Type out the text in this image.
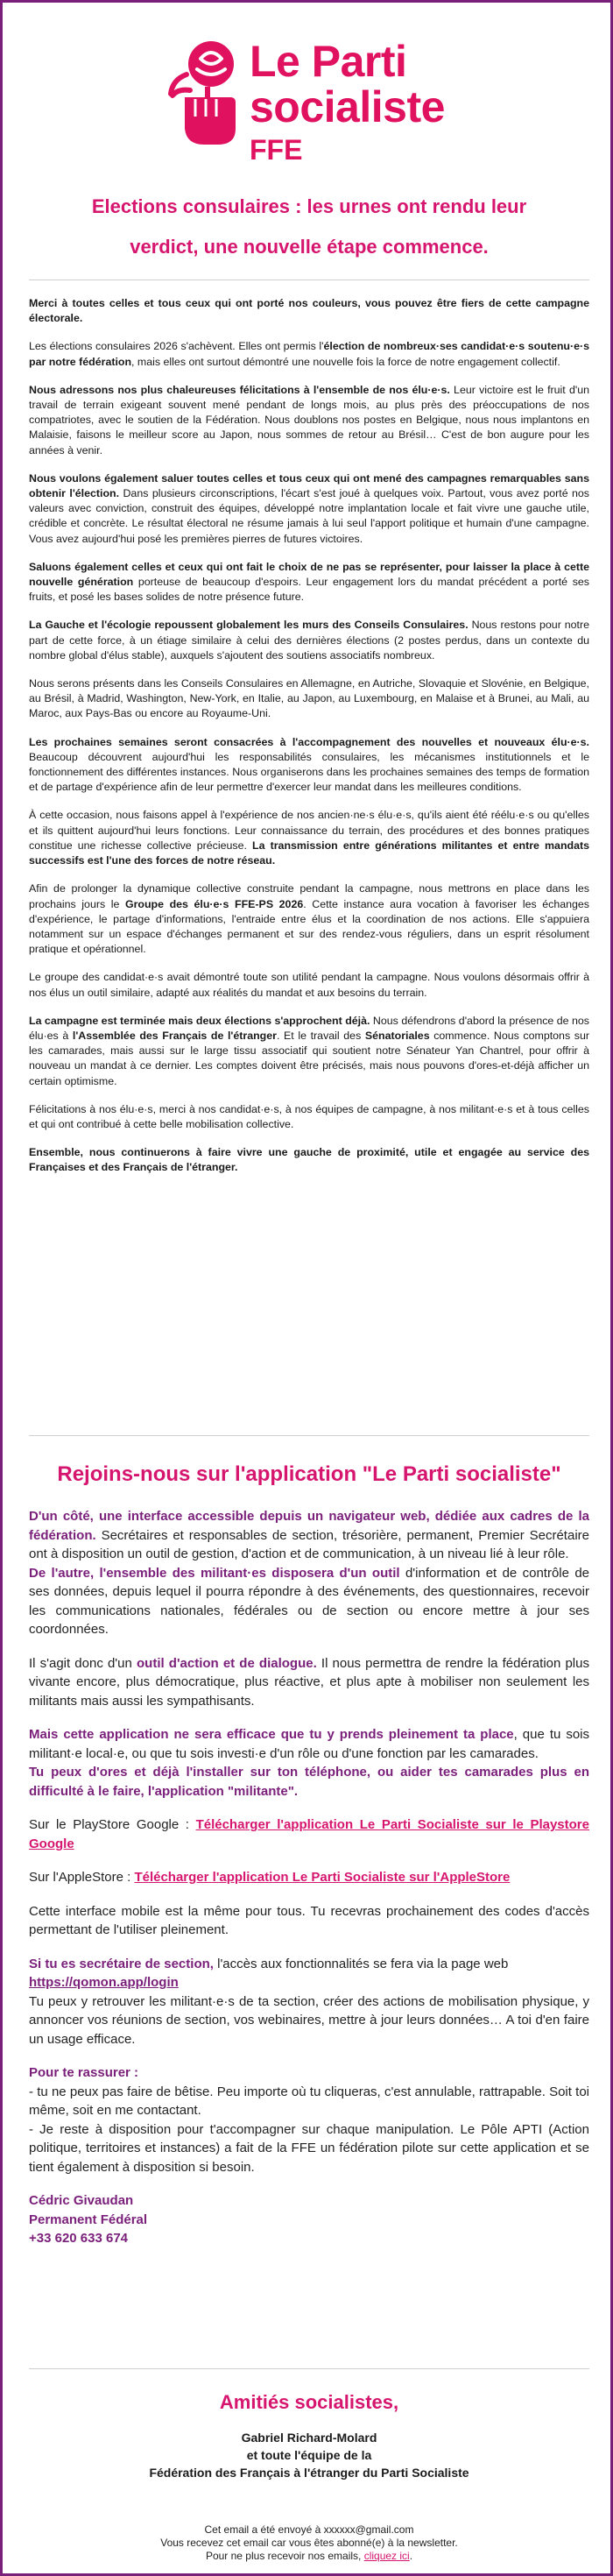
Le Parti
socialiste
FFE
Elections consulaires : les urnes ont rendu leur
verdict, une nouvelle étape commence.

Merci à toutes celles et tous ceux qui ont porté nos couleurs, vous pouvez être fiers de cette campagne électorale.

Les élections consulaires 2026 s'achèvent. Elles ont permis l'élection de nombreux·ses candidat·e·s soutenu·e·s par notre fédération, mais elles ont surtout démontré une nouvelle fois la force de notre engagement collectif.

Nous adressons nos plus chaleureuses félicitations à l'ensemble de nos élu·e·s. Leur victoire est le fruit d'un travail de terrain exigeant souvent mené pendant de longs mois, au plus près des préoccupations de nos compatriotes, avec le soutien de la Fédération. Nous doublons nos postes en Belgique, nous nous implantons en Malaisie, faisons le meilleur score au Japon, nous sommes de retour au Brésil… C'est de bon augure pour les années à venir.

Nous voulons également saluer toutes celles et tous ceux qui ont mené des campagnes remarquables sans obtenir l'élection. Dans plusieurs circonscriptions, l'écart s'est joué à quelques voix. Partout, vous avez porté nos valeurs avec conviction, construit des équipes, développé notre implantation locale et fait vivre une gauche utile, crédible et concrète. Le résultat électoral ne résume jamais à lui seul l'apport politique et humain d'une campagne. Vous avez aujourd'hui posé les premières pierres de futures victoires.

Saluons également celles et ceux qui ont fait le choix de ne pas se représenter, pour laisser la place à cette nouvelle génération porteuse de beaucoup d'espoirs. Leur engagement lors du mandat précédent a porté ses fruits, et posé les bases solides de notre présence future.

La Gauche et l'écologie repoussent globalement les murs des Conseils Consulaires. Nous restons pour notre part de cette force, à un étiage similaire à celui des dernières élections (2 postes perdus, dans un contexte du nombre global d'élus stable), auxquels s'ajoutent des soutiens associatifs nombreux.

Nous serons présents dans les Conseils Consulaires en Allemagne, en Autriche, Slovaquie et Slovénie, en Belgique, au Brésil, à Madrid, Washington, New-York, en Italie, au Japon, au Luxembourg, en Malaise et à Brunei, au Mali, au Maroc, aux Pays-Bas ou encore au Royaume-Uni.

Les prochaines semaines seront consacrées à l'accompagnement des nouvelles et nouveaux élu·e·s. Beaucoup découvrent aujourd'hui les responsabilités consulaires, les mécanismes institutionnels et le fonctionnement des différentes instances. Nous organiserons dans les prochaines semaines des temps de formation et de partage d'expérience afin de leur permettre d'exercer leur mandat dans les meilleures conditions.

À cette occasion, nous faisons appel à l'expérience de nos ancien·ne·s élu·e·s, qu'ils aient été réélu·e·s ou qu'elles et ils quittent aujourd'hui leurs fonctions. Leur connaissance du terrain, des procédures et des bonnes pratiques constitue une richesse collective précieuse. La transmission entre générations militantes et entre mandats successifs est l'une des forces de notre réseau.

Afin de prolonger la dynamique collective construite pendant la campagne, nous mettrons en place dans les prochains jours le Groupe des élu·e·s FFE-PS 2026. Cette instance aura vocation à favoriser les échanges d'expérience, le partage d'informations, l'entraide entre élus et la coordination de nos actions. Elle s'appuiera notamment sur un espace d'échanges permanent et sur des rendez-vous réguliers, dans un esprit résolument pratique et opérationnel.

Le groupe des candidat·e·s avait démontré toute son utilité pendant la campagne. Nous voulons désormais offrir à nos élus un outil similaire, adapté aux réalités du mandat et aux besoins du terrain.

La campagne est terminée mais deux élections s'approchent déjà. Nous défendrons d'abord la présence de nos élu·es à l'Assemblée des Français de l'étranger. Et le travail des Sénatoriales commence. Nous comptons sur les camarades, mais aussi sur le large tissu associatif qui soutient notre Sénateur Yan Chantrel, pour offrir à nouveau un mandat à ce dernier. Les comptes doivent être précisés, mais nous pouvons d'ores-et-déjà afficher un certain optimisme.

Félicitations à nos élu·e·s, merci à nos candidat·e·s, à nos équipes de campagne, à nos militant·e·s et à tous celles et qui ont contribué à cette belle mobilisation collective.

Ensemble, nous continuerons à faire vivre une gauche de proximité, utile et engagée au service des Françaises et des Français de l'étranger.

Rejoins-nous sur l'application "Le Parti socialiste"

D'un côté, une interface accessible depuis un navigateur web, dédiée aux cadres de la fédération. Secrétaires et responsables de section, trésorière, permanent, Premier Secrétaire ont à disposition un outil de gestion, d'action et de communication, à un niveau lié à leur rôle.
De l'autre, l'ensemble des militant·es disposera d'un outil d'information et de contrôle de ses données, depuis lequel il pourra répondre à des événements, des questionnaires, recevoir les communications nationales, fédérales ou de section ou encore mettre à jour ses coordonnées.

Il s'agit donc d'un outil d'action et de dialogue. Il nous permettra de rendre la fédération plus vivante encore, plus démocratique, plus réactive, et plus apte à mobiliser non seulement les militants mais aussi les sympathisants.

Mais cette application ne sera efficace que tu y prends pleinement ta place, que tu sois militant·e local·e, ou que tu sois investi·e d'un rôle ou d'une fonction par les camarades.
Tu peux d'ores et déjà l'installer sur ton téléphone, ou aider tes camarades plus en difficulté à le faire, l'application "militante".

Sur le PlayStore Google : Télécharger l'application Le Parti Socialiste sur le Playstore Google

Sur l'AppleStore : Télécharger l'application Le Parti Socialiste sur l'AppleStore

Cette interface mobile est la même pour tous. Tu recevras prochainement des codes d'accès permettant de l'utiliser pleinement.

Si tu es secrétaire de section, l'accès aux fonctionnalités se fera via la page web
https://qomon.app/login
Tu peux y retrouver les militant·e·s de ta section, créer des actions de mobilisation physique, y annoncer vos réunions de section, vos webinaires, mettre à jour leurs données… A toi d'en faire un usage efficace.

Pour te rassurer :
- tu ne peux pas faire de bêtise. Peu importe où tu cliqueras, c'est annulable, rattrapable. Soit toi même, soit en me contactant.
- Je reste à disposition pour t'accompagner sur chaque manipulation. Le Pôle APTI (Action politique, territoires et instances) a fait de la FFE un fédération pilote sur cette application et se tient également à disposition si besoin.

Cédric Givaudan

Permanent Fédéral

+33 620 633 674

Amitiés socialistes,
Gabriel Richard-Molard
et toute l'équipe de la
Fédération des Français à l'étranger du Parti Socialiste
Cet email a été envoyé à xxxxxx@gmail.com
Vous recevez cet email car vous êtes abonné(e) à la newsletter.
Pour ne plus recevoir nos emails, cliquez ici.
